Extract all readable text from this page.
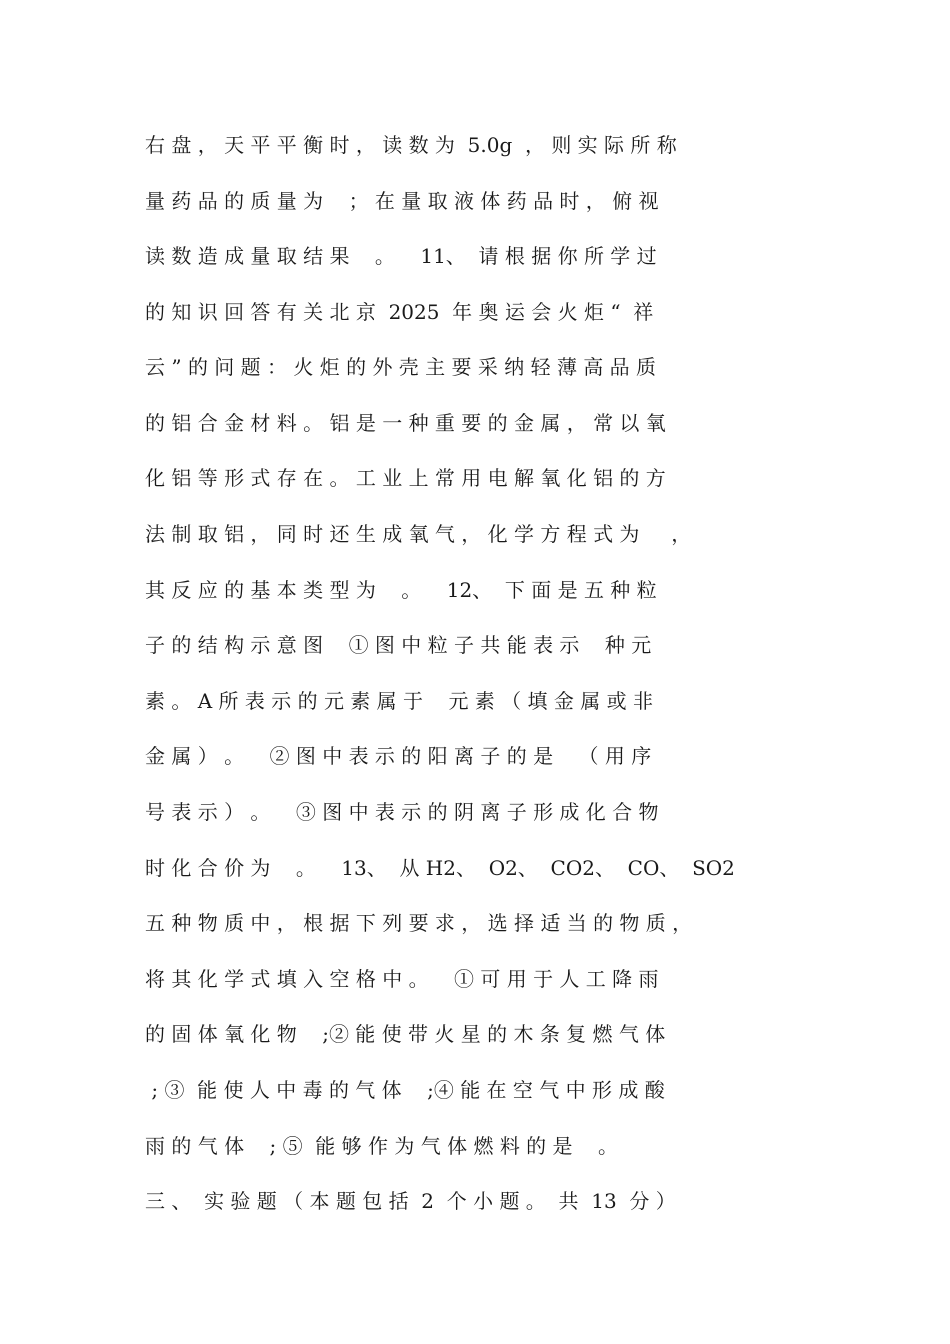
右 盘 ， 天 平 平 衡 时 ， 读 数 为  5.0g  ， 则 实 际 所 称
量 药 品 的 质 量 为    ； 在 量 取 液 体 药 品 时 ， 俯 视
读 数 造 成 量 取 结 果    。    11、  请 根 据 你 所 学 过
的 知 识 回 答 有 关 北 京  2025  年 奥 运 会 火 炬 “  祥
云 ” 的 问 题 ： 火 炬 的 外 壳 主 要 采 纳 轻 薄 高 品 质
的 铝 合 金 材 料 。 铝 是 一 种 重 要 的 金 属 ， 常 以 氧
化 铝 等 形 式 存 在 。 工 业 上 常 用 电 解 氧 化 铝 的 方
法 制 取 铝 ， 同 时 还 生 成 氧 气 ， 化 学 方 程 式 为     ，
其 反 应 的 基 本 类 型 为    。    12、  下 面 是 五 种 粒
子 的 结 构 示 意 图    ① 图 中 粒 子 共 能 表 示    种 元
素 。 A 所 表 示 的 元 素 属 于    元 素 （ 填 金 属 或 非
金 属 ） 。    ② 图 中 表 示 的 阳 离 子 的 是    （ 用 序
号 表 示 ） 。    ③ 图 中 表 示 的 阴 离 子 形 成 化 合 物
时 化 合 价 为    。    13、  从 H2、  O2、  CO2、  CO、  SO2
五 种 物 质 中 ， 根 据 下 列 要 求 ， 选 择 适 当 的 物 质 ，
将 其 化 学 式 填 入 空 格 中 。    ① 可 用 于 人 工 降 雨
的 固 体 氧 化 物    ;② 能 使 带 火 星 的 木 条 复 燃 气 体
; ③  能 使 人 中 毒 的 气 体    ;④ 能 在 空 气 中 形 成 酸
雨 的 气 体    ; ⑤  能 够 作 为 气 体 燃 料 的 是    。
三 、  实 验 题 （ 本 题 包 括  2  个 小 题 。  共  13  分 ）
